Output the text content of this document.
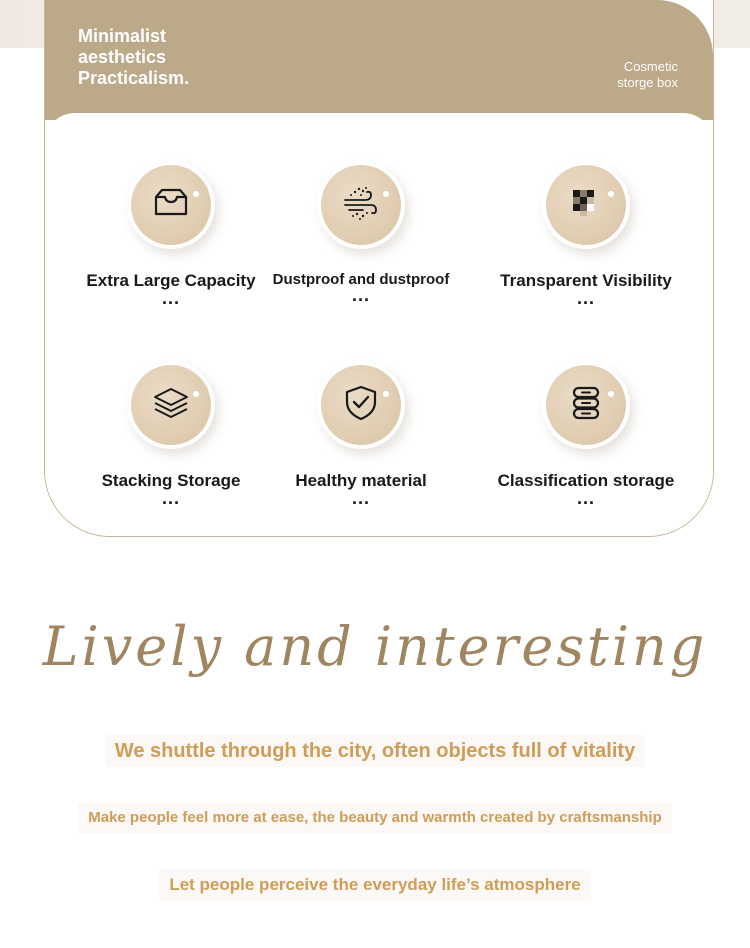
Minimalist
aesthetics
Practicalism.
Cosmetic
storge box
Extra Large Capacity
...
Dustproof and dustproof
...
Transparent Visibility
...
Stacking Storage
...
Healthy material
...
Classification storage
...
Lively and interesting
We shuttle through the city, often objects full of vitality
Make people feel more at ease, the beauty and warmth created by craftsmanship
Let people perceive the everyday life’s atmosphere
